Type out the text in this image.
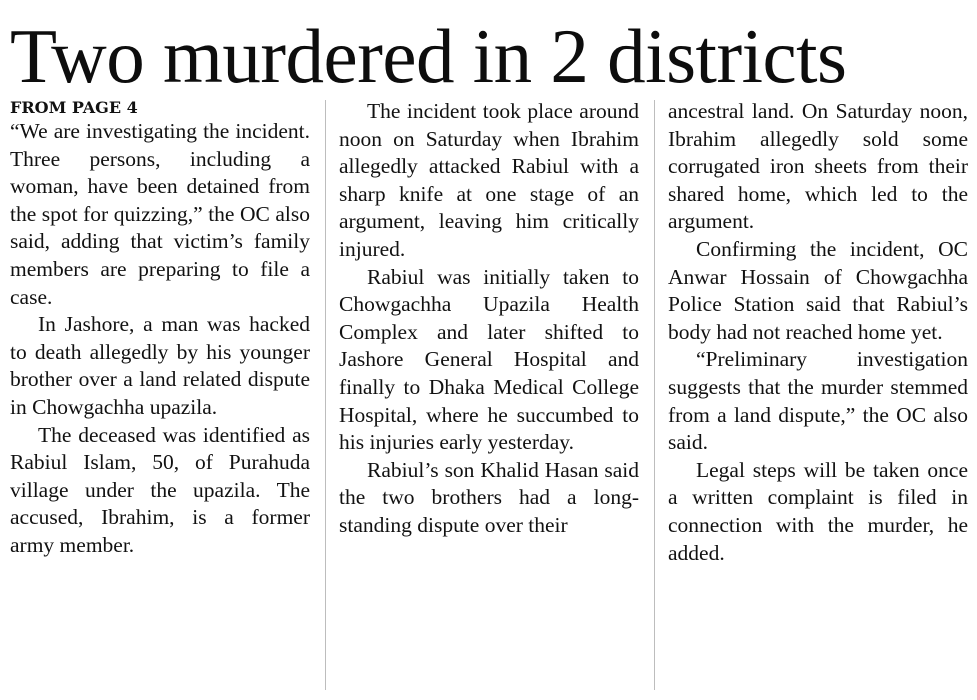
Two murdered in 2 districts
FROM PAGE 4

“We are investigating the incident. Three persons, including a woman, have been detained from the spot for quizzing,” the OC also said, adding that victim’s family members are preparing to file a case.

In Jashore, a man was hacked to death allegedly by his younger brother over a land related dispute in Chowgachha upazila.

The deceased was identified as Rabiul Islam, 50, of Purahuda village under the upazila. The accused, Ibrahim, is a former army member.

The incident took place around noon on Saturday when Ibrahim allegedly attacked Rabiul with a sharp knife at one stage of an argument, leaving him critically injured.

Rabiul was initially taken to Chowgachha Upazila Health Complex and later shifted to Jashore General Hospital and finally to Dhaka Medical College Hospital, where he succumbed to his injuries early yesterday.

Rabiul’s son Khalid Hasan said the two brothers had a long-standing dispute over their

ancestral land. On Saturday noon, Ibrahim allegedly sold some corrugated iron sheets from their shared home, which led to the argument.

Confirming the incident, OC Anwar Hossain of Chowgachha Police Station said that Rabiul’s body had not reached home yet.

“Preliminary investigation suggests that the murder stemmed from a land dispute,” the OC also said.

Legal steps will be taken once a written complaint is filed in connection with the murder, he added.
